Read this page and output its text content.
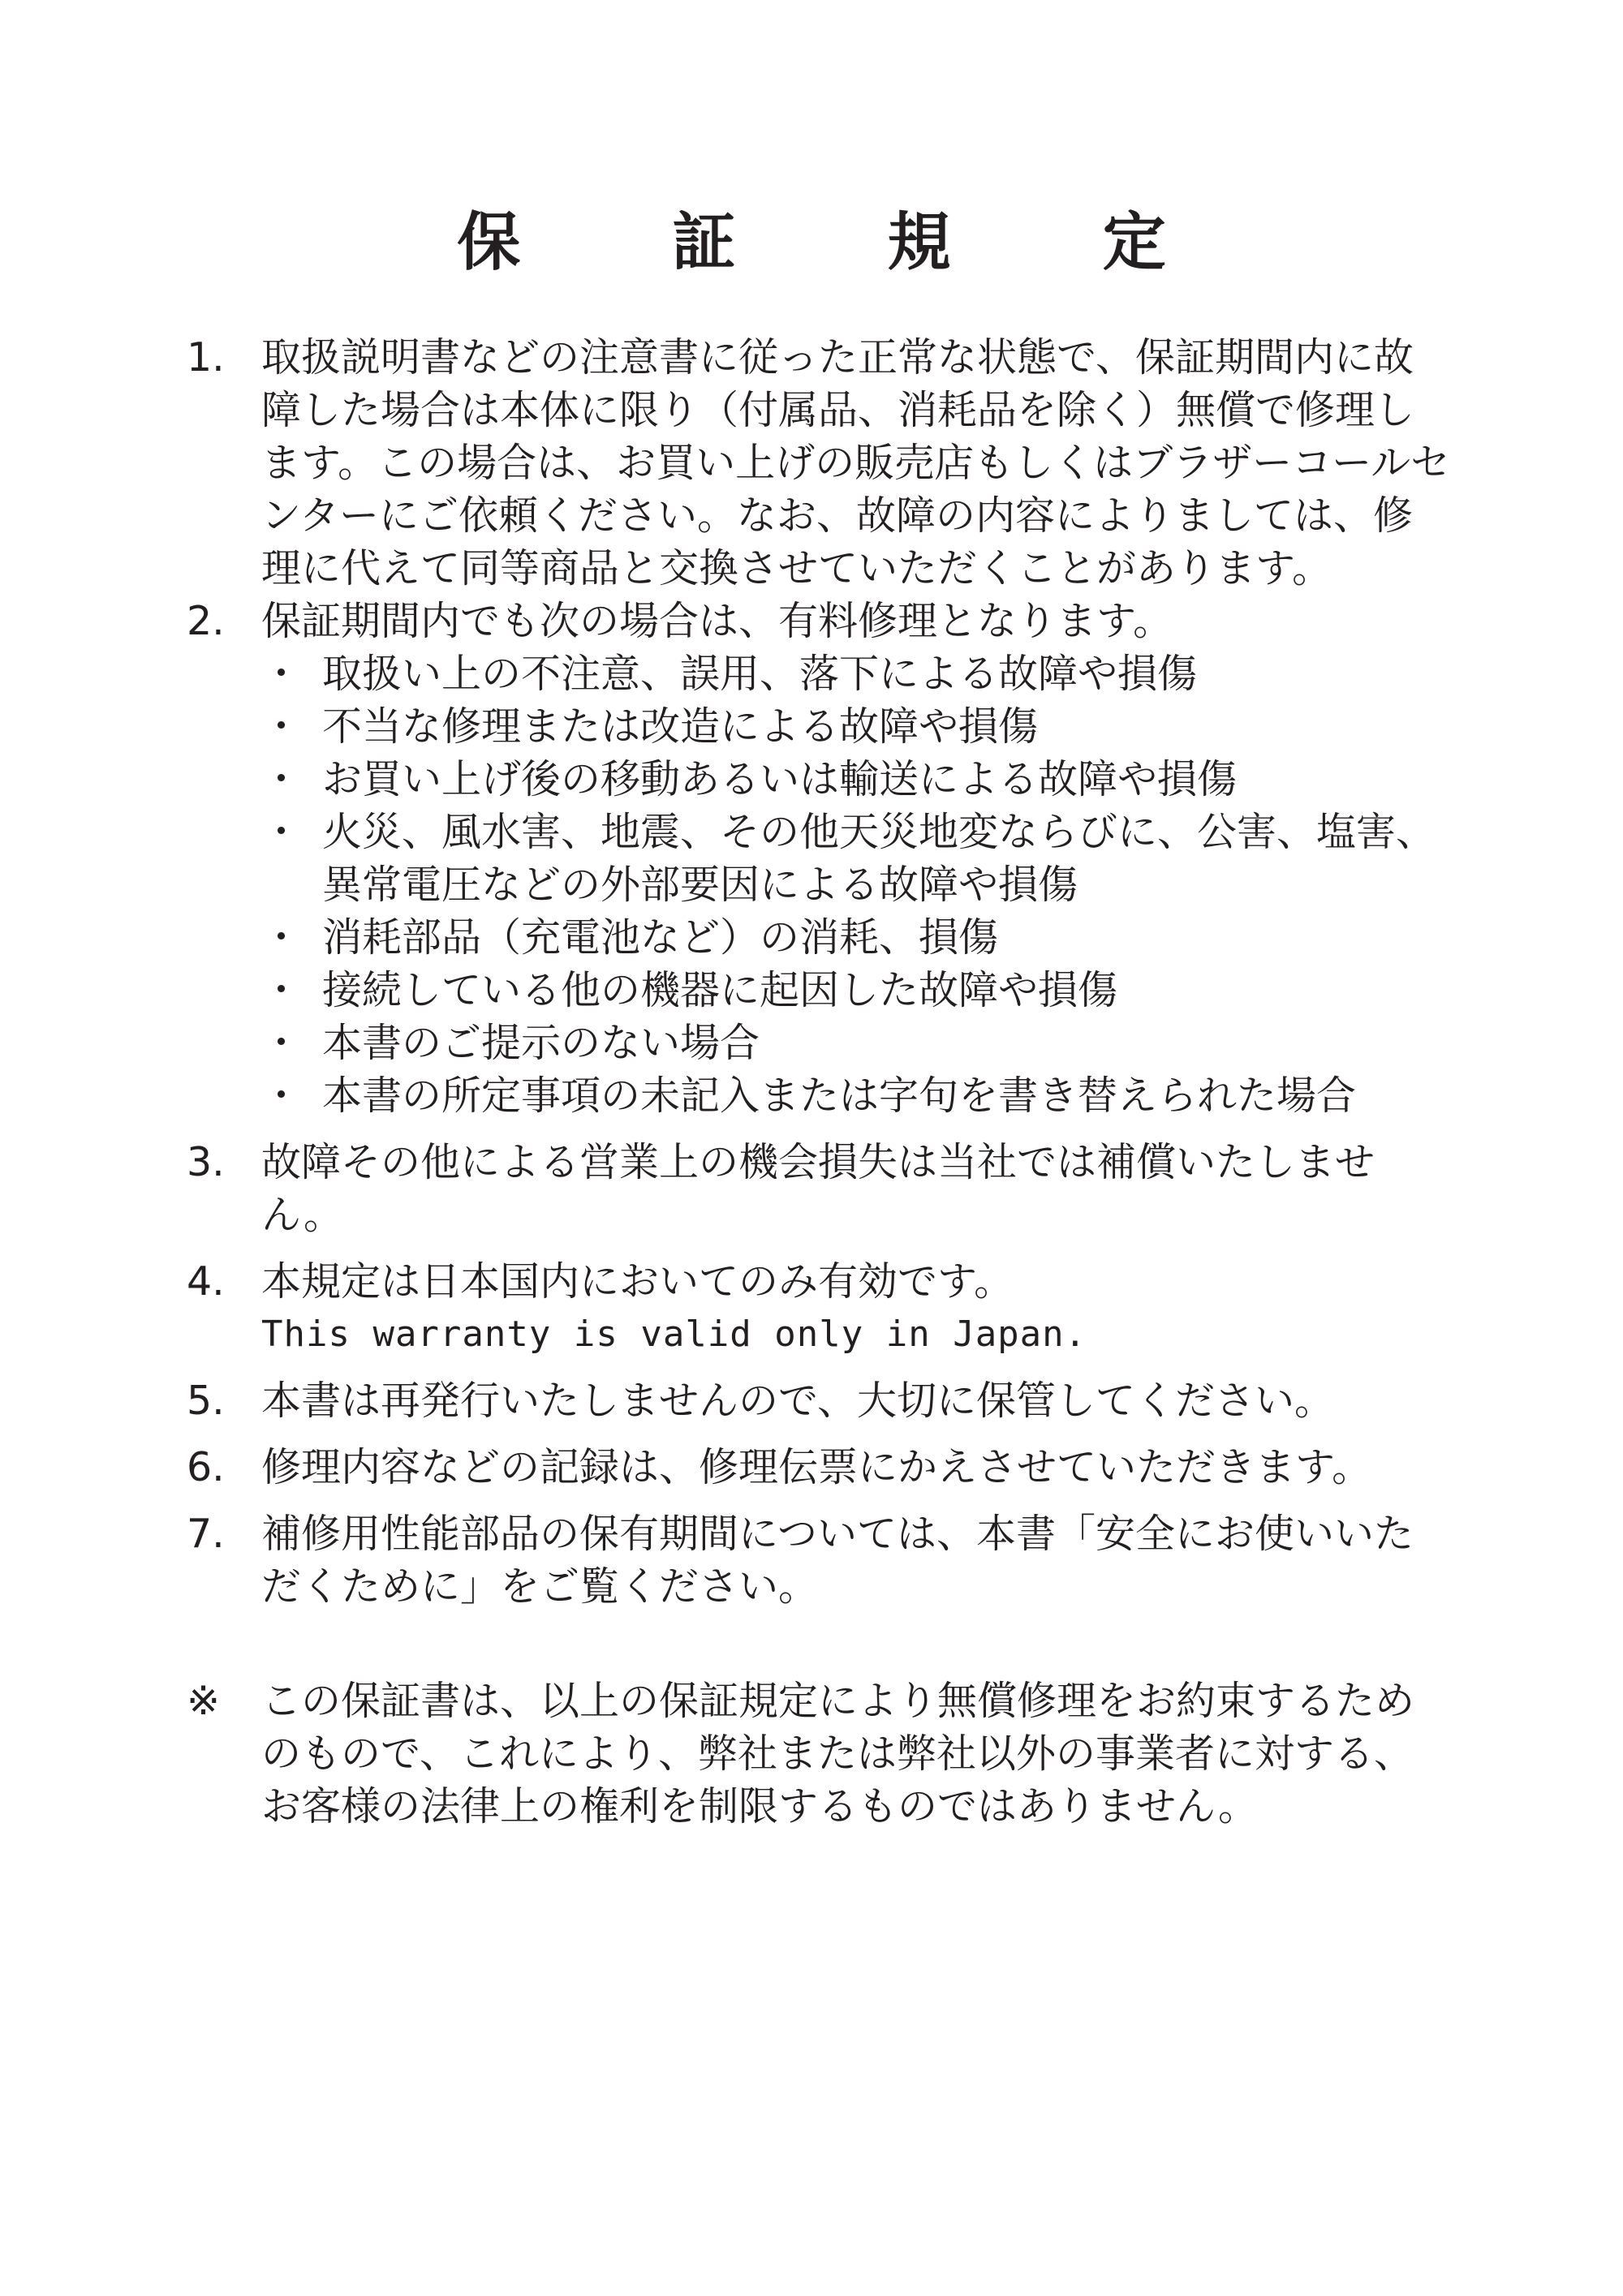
保 証 規 定
1. 取扱説明書などの注意書に従った正常な状態で、保証期間内に故障した場合は本体に限り（付属品、消耗品を除く）無償で修理します。この場合は、お買い上げの販売店もしくはブラザーコールセンターにご依頼ください。なお、故障の内容によりましては、修理に代えて同等商品と交換させていただくことがあります。
2. 保証期間内でも次の場合は、有料修理となります。
・ 取扱い上の不注意、誤用、落下による故障や損傷
・ 不当な修理または改造による故障や損傷
・ お買い上げ後の移動あるいは輸送による故障や損傷
・ 火災、風水害、地震、その他天災地変ならびに、公害、塩害、異常電圧などの外部要因による故障や損傷
・ 消耗部品（充電池など）の消耗、損傷
・ 接続している他の機器に起因した故障や損傷
・ 本書のご提示のない場合
・ 本書の所定事項の未記入または字句を書き替えられた場合
3. 故障その他による営業上の機会損失は当社では補償いたしません。
4. 本規定は日本国内においてのみ有効です。
This warranty is valid only in Japan.
5. 本書は再発行いたしませんので、大切に保管してください。
6. 修理内容などの記録は、修理伝票にかえさせていただきます。
7. 補修用性能部品の保有期間については、本書「安全にお使いいただくために」をご覧ください。
※	この保証書は、以上の保証規定により無償修理をお約束するためのもので、これにより、弊社または弊社以外の事業者に対する、お客様の法律上の権利を制限するものではありません。
